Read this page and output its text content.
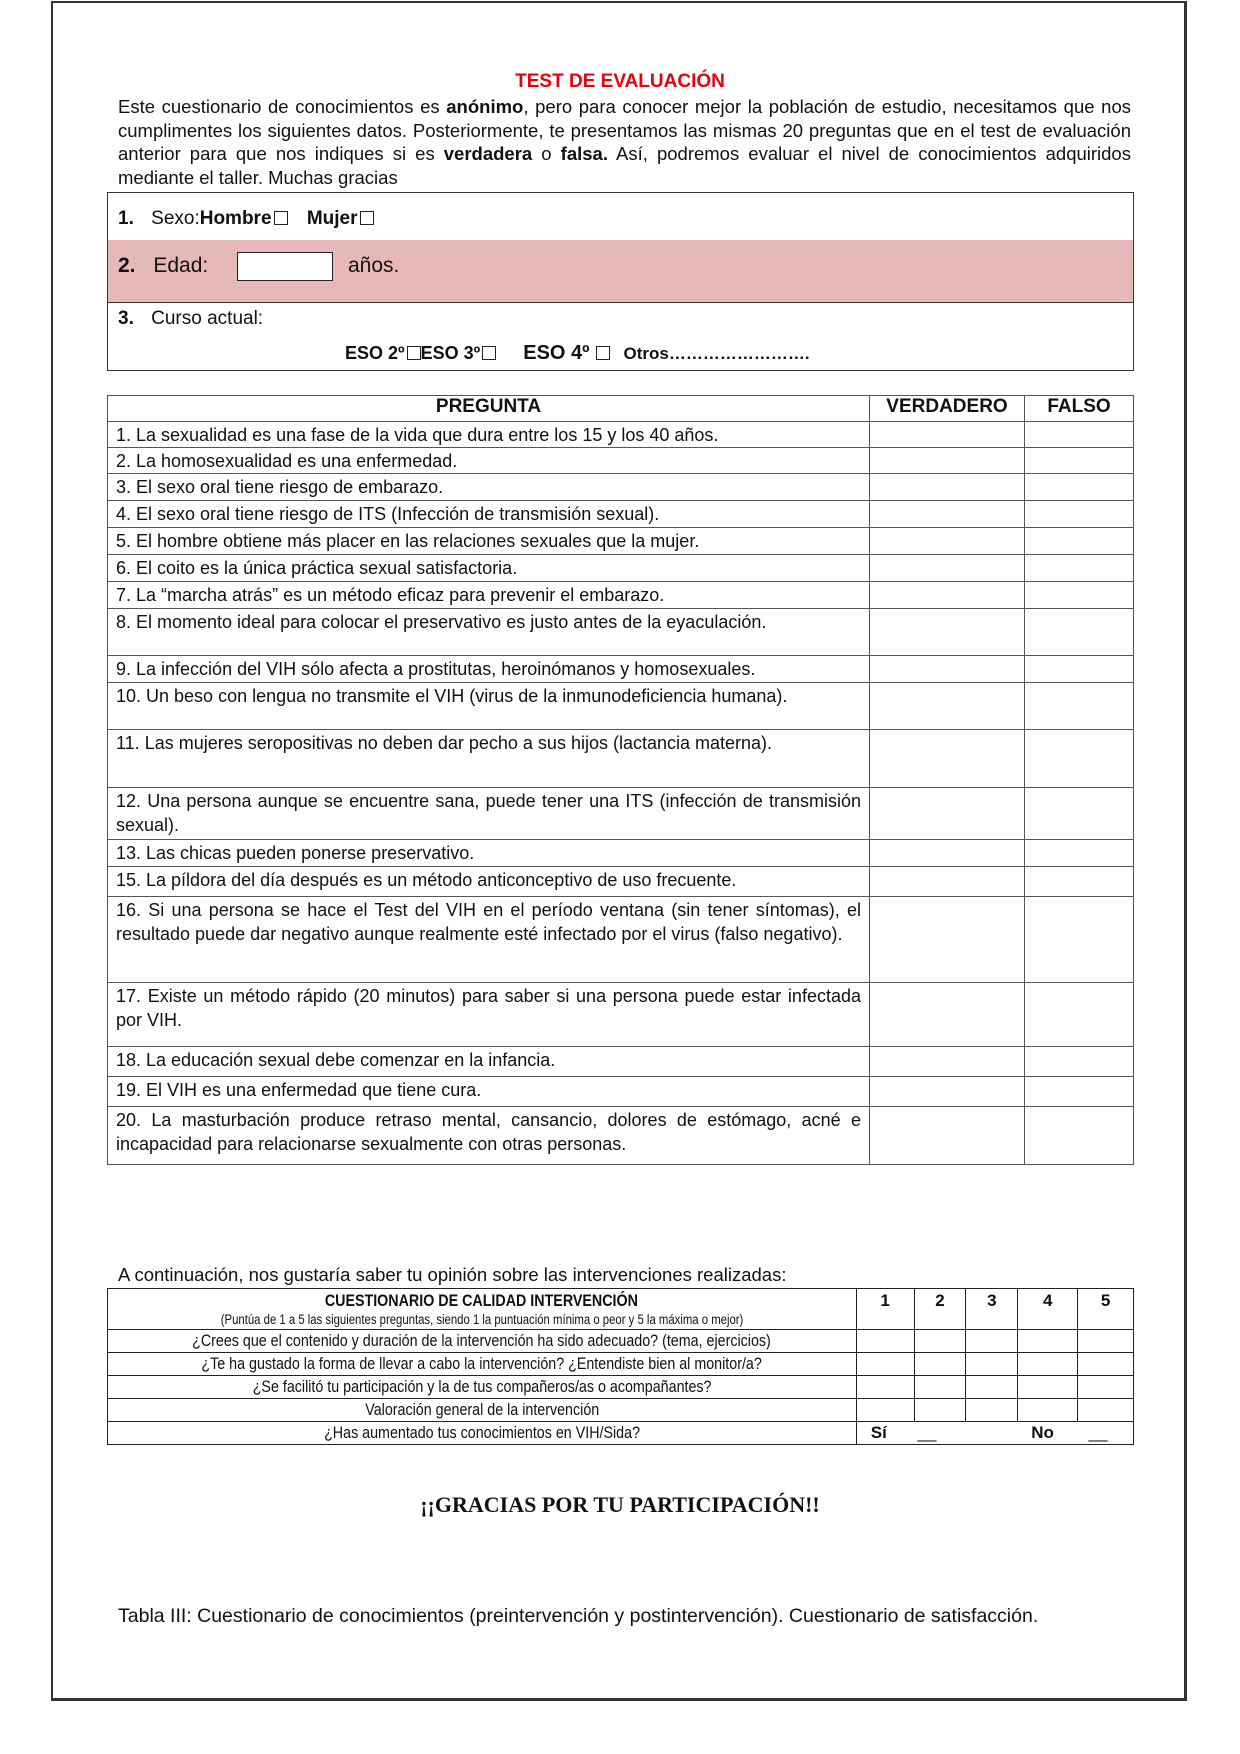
TEST DE EVALUACIÓN
Este cuestionario de conocimientos es anónimo, pero para conocer mejor la población de estudio, necesitamos que nos cumplimentes los siguientes datos. Posteriormente, te presentamos las mismas 20 preguntas que en el test de evaluación anterior para que nos indiques si es verdadera o falsa. Así, podremos evaluar el nivel de conocimientos adquiridos mediante el taller. Muchas gracias
1. Sexo:Hombre Mujer
2. Edad:	años.
3. Curso actual:
ESO 2º ESO 3º ESO 4º Otros…………………….
PREGUNTA	VERDADERO	FALSO
1. La sexualidad es una fase de la vida que dura entre los 15 y los 40 años.		
2. La homosexualidad es una enfermedad.		
3. El sexo oral tiene riesgo de embarazo.		
4. El sexo oral tiene riesgo de ITS (Infección de transmisión sexual).		
5. El hombre obtiene más placer en las relaciones sexuales que la mujer.		
6. El coito es la única práctica sexual satisfactoria.		
7. La “marcha atrás” es un método eficaz para prevenir el embarazo.		
8. El momento ideal para colocar el preservativo es justo antes de la eyaculación.		
9. La infección del VIH sólo afecta a prostitutas, heroinómanos y homosexuales.		
10. Un beso con lengua no transmite el VIH (virus de la inmunodeficiencia humana).		
11. Las mujeres seropositivas no deben dar pecho a sus hijos (lactancia materna).		
12. Una persona aunque se encuentre sana, puede tener una ITS (infección de transmisión sexual).		
13. Las chicas pueden ponerse preservativo.		
15. La píldora del día después es un método anticonceptivo de uso frecuente.		
16. Si una persona se hace el Test del VIH en el período ventana (sin tener síntomas), el resultado puede dar negativo aunque realmente esté infectado por el virus (falso negativo).		
17. Existe un método rápido (20 minutos) para saber si una persona puede estar infectada por VIH.		
18. La educación sexual debe comenzar en la infancia.		
19. El VIH es una enfermedad que tiene cura.		
20. La masturbación produce retraso mental, cansancio, dolores de estómago, acné e incapacidad para relacionarse sexualmente con otras personas.		
A continuación, nos gustaría saber tu opinión sobre las intervenciones realizadas:
CUESTIONARIO DE CALIDAD INTERVENCIÓN
(Puntúa de 1 a 5 las siguientes preguntas, siendo 1 la puntuación mínima o peor y 5 la máxima o mejor)	1	2	3	4	5
¿Crees que el contenido y duración de la intervención ha sido adecuado? (tema, ejercicios)					
¿Te ha gustado la forma de llevar a cabo la intervención? ¿Entendiste bien al monitor/a?					
¿Se facilitó tu participación y la de tus compañeros/as o acompañantes?					
Valoración general de la intervención					
¿Has aumentado tus conocimientos en VIH/Sida?	Sí __ No __				
¡¡GRACIAS POR TU PARTICIPACIÓN!!
Tabla III: Cuestionario de conocimientos (preintervención y postintervención). Cuestionario de satisfacción.
